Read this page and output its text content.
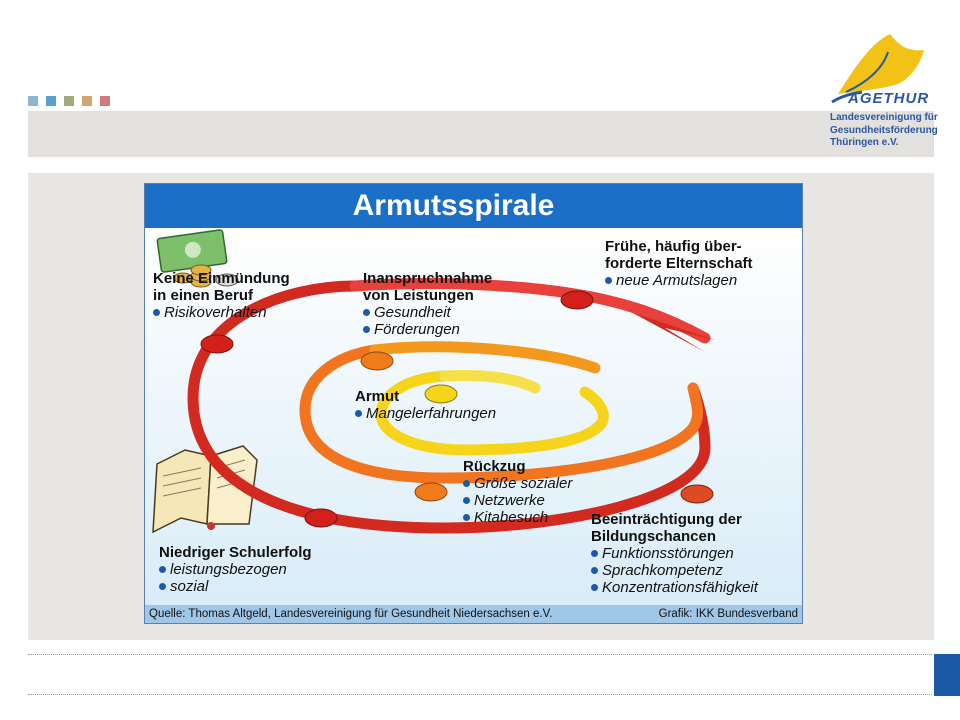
AGETHUR
Landesvereinigung für
Gesundheitsförderung
Thüringen e.V.
Armutsspirale
Keine Einmündung
in einen Beruf
Risikoverhalten
Inanspruchnahme
von Leistungen
Gesundheit
Förderungen
Frühe, häufig über-
forderte Elternschaft
neue Armutslagen
Armut
Mangelerfahrungen
Rückzug
Größe sozialer
Netzwerke
Kitabesuch	Beeinträchtigung der
Bildungschancen
Funktionsstörungen
Sprachkompetenz
Konzentrationsfähigkeit
Niedriger Schulerfolg
leistungsbezogen
sozial
Quelle: Thomas Altgeld, Landesvereinigung für Gesundheit Niedersachsen e.V.	Grafik: IKK Bundesverband
